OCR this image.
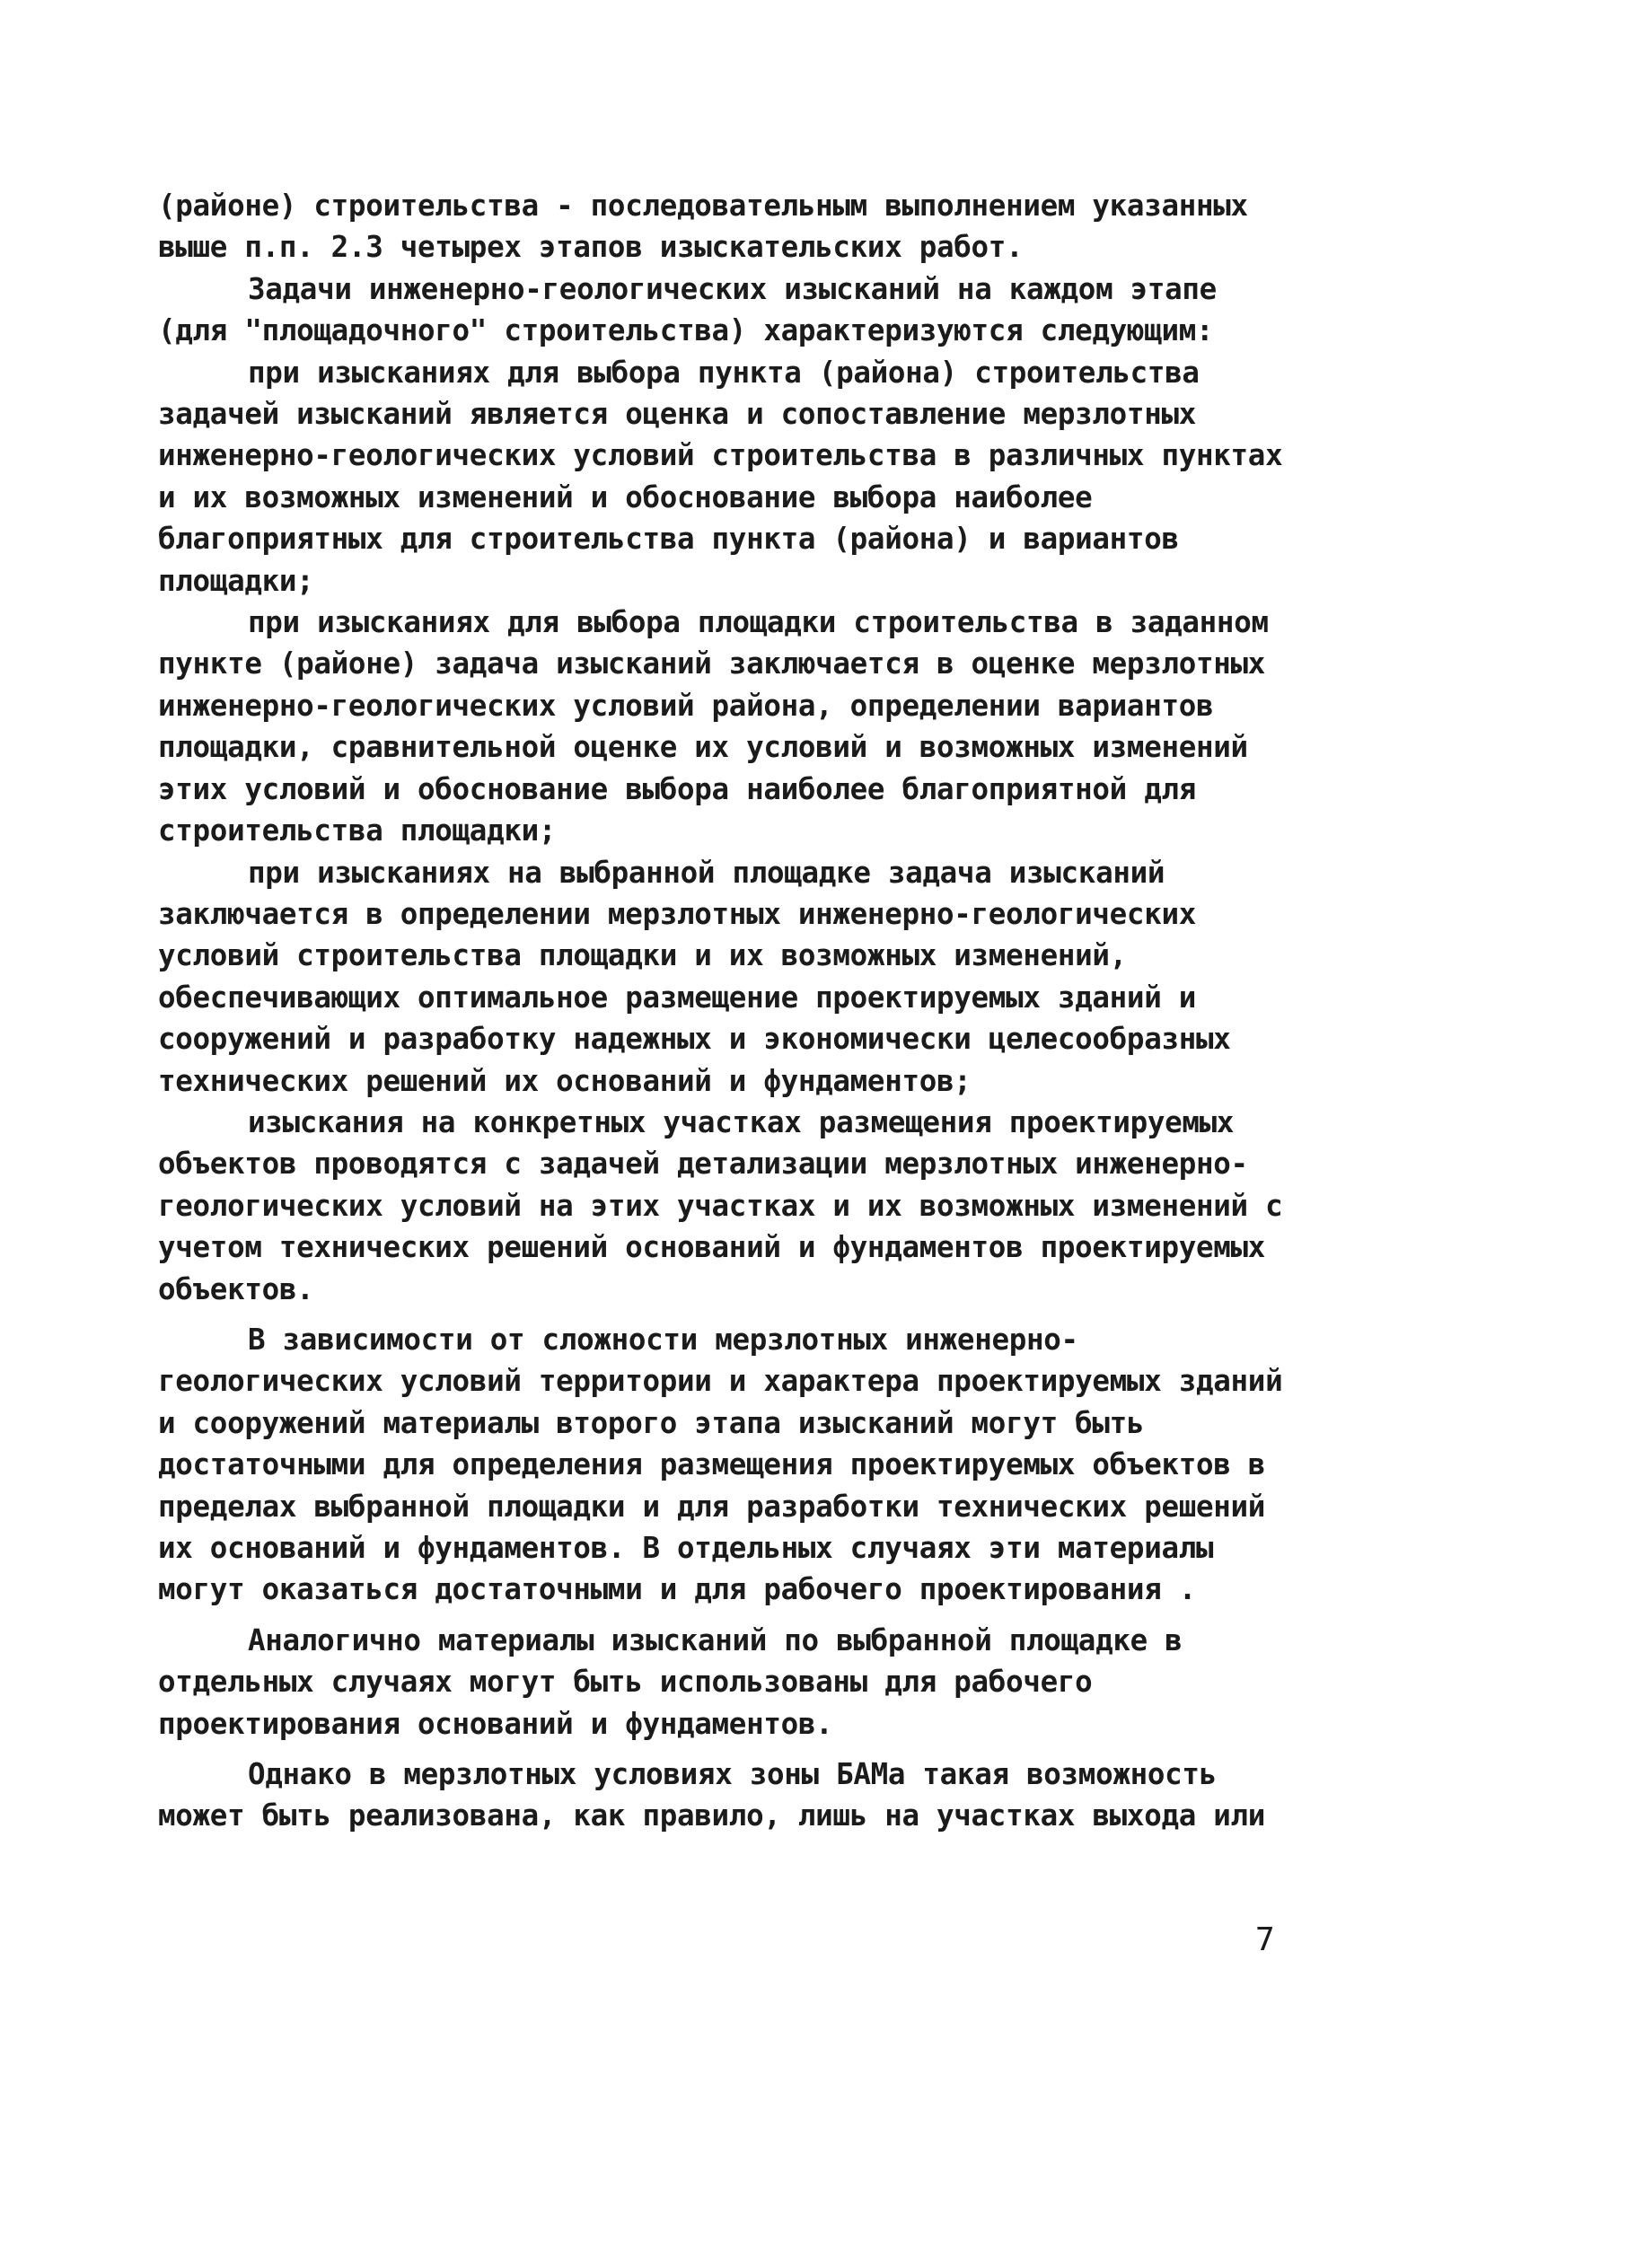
(районе) строительства - последовательным выполнением указанных выше п.п. 2.3 четырех этапов изыскательских работ.

Задачи инженерно-геологических изысканий на каждом этапе (для "площадочного" строительства) характеризуются следующим:

при изысканиях для выбора пункта (района) строительства задачей изысканий является оценка и сопоставление мерзлотных инженерно-геологических условий строительства в различных пунктах и их возможных изменений и обоснование выбора наиболее благоприятных для строительства пункта (района) и вариантов площадки;

при изысканиях для выбора площадки строительства в заданном пункте (районе) задача изысканий заключается в оценке мерзлотных инженерно-геологических условий района, определении вариантов площадки, сравнительной оценке их условий и возможных изменений этих условий и обоснование выбора наиболее благоприятной для строительства площадки;

при изысканиях на выбранной площадке задача изысканий заключается в определении мерзлотных инженерно-геологических условий строительства площадки и их возможных изменений, обеспечивающих оптимальное размещение проектируемых зданий и сооружений и разработку надежных и экономически целесообразных технических решений их оснований и фундаментов;

изыскания на конкретных участках размещения проектируемых объектов проводятся с задачей детализации мерзлотных инженерно-геологических условий на этих участках и их возможных изменений с учетом технических решений оснований и фундаментов проектируемых объектов.

В зависимости от сложности мерзлотных инженерно-геологических условий территории и характера проектируемых зданий и сооружений материалы второго этапа изысканий могут быть достаточными для определения размещения проектируемых объектов в пределах выбранной площадки и для разработки технических решений их оснований и фундаментов. В отдельных случаях эти материалы могут оказаться достаточными и для рабочего проектирования .

Аналогично материалы изысканий по выбранной площадке в отдельных случаях могут быть использованы для рабочего проектирования оснований и фундаментов.

Однако в мерзлотных условиях зоны БАМа такая возможность может быть реализована, как правило, лишь на участках выхода или

7
